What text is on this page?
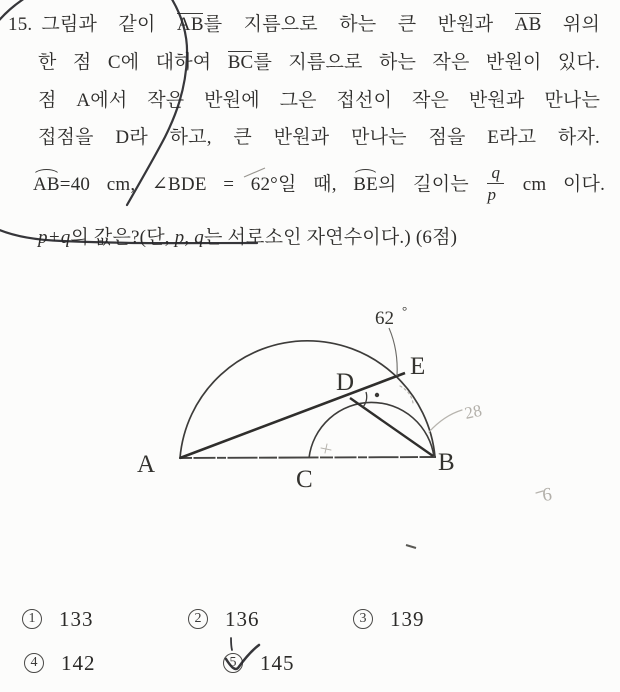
15. 그림과 같이 AB를 지름으로 하는 큰 반원과 AB 위의
한 점 C에 대하여 BC를 지름으로 하는 작은 반원이 있다.
점 A에서 작은 반원에 그은 접선이 작은 반원과 만나는
접점을 D라 하고, 큰 반원과 만나는 점을 E라고 하자.
AB=40 cm, ∠BDE = 62°일 때, BE의 길이는 $\frac{q}{p}$ cm 이다.
p+q의 값은?(단, p, q는 서로소인 자연수이다.) (6점)
1	133	2	136	3	139
4	142	5	145
A	B
C
D
E
62 °
28
6
